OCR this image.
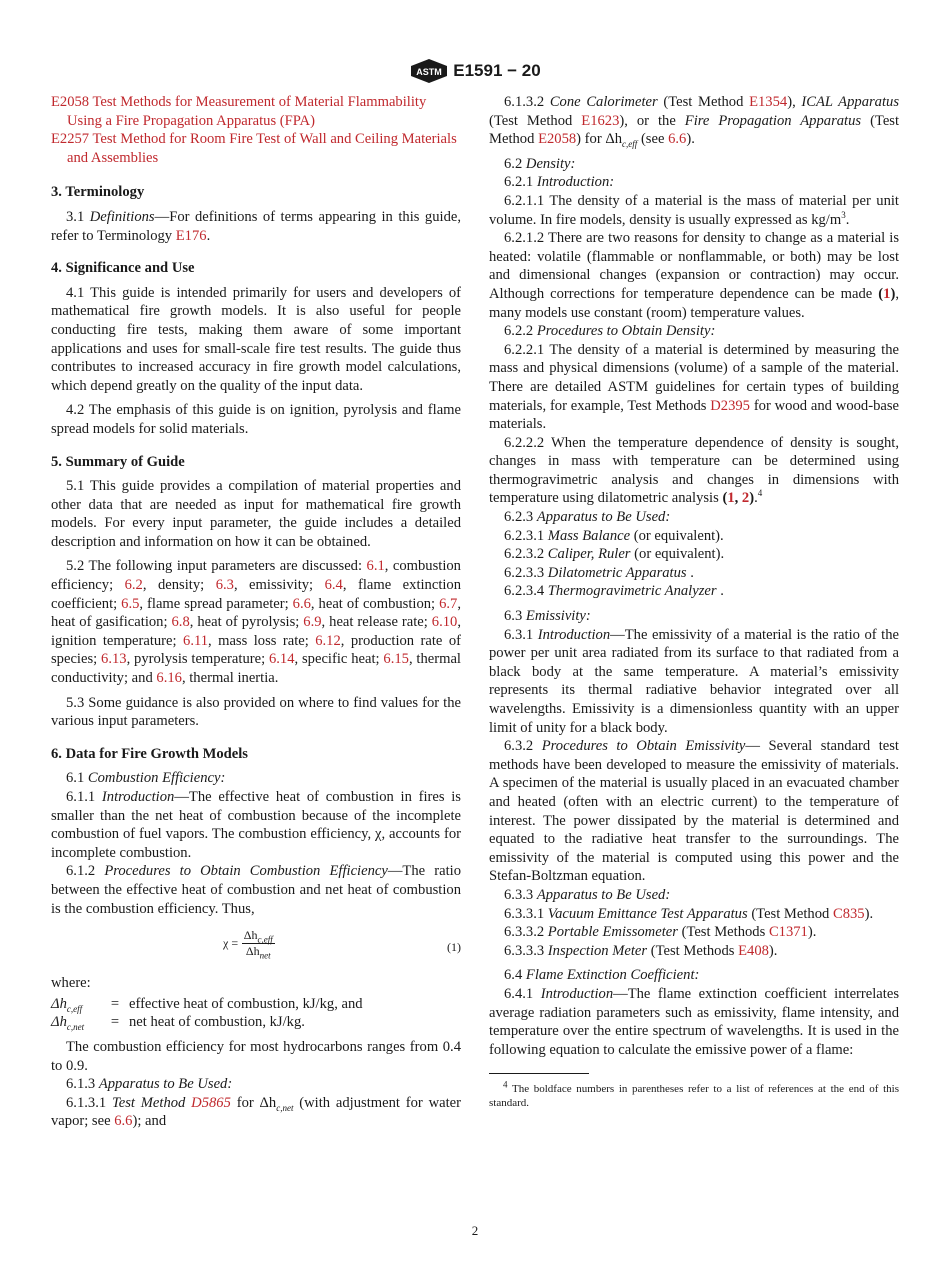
ASTM E1591 − 20

E2058 Test Methods for Measurement of Material Flammability Using a Fire Propagation Apparatus (FPA)

E2257 Test Method for Room Fire Test of Wall and Ceiling Materials and Assemblies

3. Terminology

3.1 Definitions—For definitions of terms appearing in this guide, refer to Terminology E176.

4. Significance and Use

4.1 This guide is intended primarily for users and developers of mathematical fire growth models. It is also useful for people conducting fire tests, making them aware of some important applications and uses for small-scale fire test results. The guide thus contributes to increased accuracy in fire growth model calculations, which depend greatly on the quality of the input data.

4.2 The emphasis of this guide is on ignition, pyrolysis and flame spread models for solid materials.

5. Summary of Guide

5.1 This guide provides a compilation of material properties and other data that are needed as input for mathematical fire growth models. For every input parameter, the guide includes a detailed description and information on how it can be obtained.

5.2 The following input parameters are discussed: 6.1, combustion efficiency; 6.2, density; 6.3, emissivity; 6.4, flame extinction coefficient; 6.5, flame spread parameter; 6.6, heat of combustion; 6.7, heat of gasification; 6.8, heat of pyrolysis; 6.9, heat release rate; 6.10, ignition temperature; 6.11, mass loss rate; 6.12, production rate of species; 6.13, pyrolysis temperature; 6.14, specific heat; 6.15, thermal conductivity; and 6.16, thermal inertia.

5.3 Some guidance is also provided on where to find values for the various input parameters.

6. Data for Fire Growth Models

6.1 Combustion Efficiency:

6.1.1 Introduction—The effective heat of combustion in fires is smaller than the net heat of combustion because of the incomplete combustion of fuel vapors. The combustion efficiency, χ, accounts for incomplete combustion.

6.1.2 Procedures to Obtain Combustion Efficiency—The ratio between the effective heat of combustion and net heat of combustion is the combustion efficiency. Thus,

χ =
$\Delta h_{c,eff}$
$\Delta h_{net}$
(1)

where:

$\Delta h_{c,eff}$	= effective heat of combustion, kJ/kg, and
$\Delta h_{c,net}$	= net heat of combustion, kJ/kg.

The combustion efficiency for most hydrocarbons ranges from 0.4 to 0.9.

6.1.3 Apparatus to Be Used:

6.1.3.1 Test Method D5865 for $\Delta h_{c,net}$ (with adjustment for water vapor; see 6.6); and

6.1.3.2 Cone Calorimeter (Test Method E1354), ICAL Apparatus (Test Method E1623), or the Fire Propagation Apparatus (Test Method E2058) for $\Delta h_{c,eff}$ (see 6.6).

6.2 Density:

6.2.1 Introduction:

6.2.1.1 The density of a material is the mass of material per unit volume. In fire models, density is usually expressed as $kg/m^3$.

6.2.1.2 There are two reasons for density to change as a material is heated: volatile (flammable or nonflammable, or both) may be lost and dimensional changes (expansion or contraction) may occur. Although corrections for temperature dependence can be made (1), many models use constant (room) temperature values.

6.2.2 Procedures to Obtain Density:

6.2.2.1 The density of a material is determined by measuring the mass and physical dimensions (volume) of a sample of the material. There are detailed ASTM guidelines for certain types of building materials, for example, Test Methods D2395 for wood and wood-base materials.

6.2.2.2 When the temperature dependence of density is sought, changes in mass with temperature can be determined using thermogravimetric analysis and changes in dimensions with temperature using dilatometric analysis (1, 2).$^4$

6.2.3 Apparatus to Be Used:

6.2.3.1 Mass Balance (or equivalent).

6.2.3.2 Caliper, Ruler (or equivalent).

6.2.3.3 Dilatometric Apparatus .

6.2.3.4 Thermogravimetric Analyzer .

6.3 Emissivity:

6.3.1 Introduction—The emissivity of a material is the ratio of the power per unit area radiated from its surface to that radiated from a black body at the same temperature. A material’s emissivity represents its thermal radiative behavior integrated over all wavelengths. Emissivity is a dimensionless quantity with an upper limit of unity for a black body.

6.3.2 Procedures to Obtain Emissivity— Several standard test methods have been developed to measure the emissivity of materials. A specimen of the material is usually placed in an evacuated chamber and heated (often with an electric current) to the temperature of interest. The power dissipated by the material is determined and equated to the radiative heat transfer to the surroundings. The emissivity of the material is computed using this power and the Stefan-Boltzman equation.

6.3.3 Apparatus to Be Used:

6.3.3.1 Vacuum Emittance Test Apparatus (Test Method C835).

6.3.3.2 Portable Emissometer (Test Methods C1371).

6.3.3.3 Inspection Meter (Test Methods E408).

6.4 Flame Extinction Coefficient:

6.4.1 Introduction—The flame extinction coefficient interrelates average radiation parameters such as emissivity, flame intensity, and temperature over the entire spectrum of wavelengths. It is used in the following equation to calculate the emissive power of a flame:

$^4$ The boldface numbers in parentheses refer to a list of references at the end of this standard.

2
